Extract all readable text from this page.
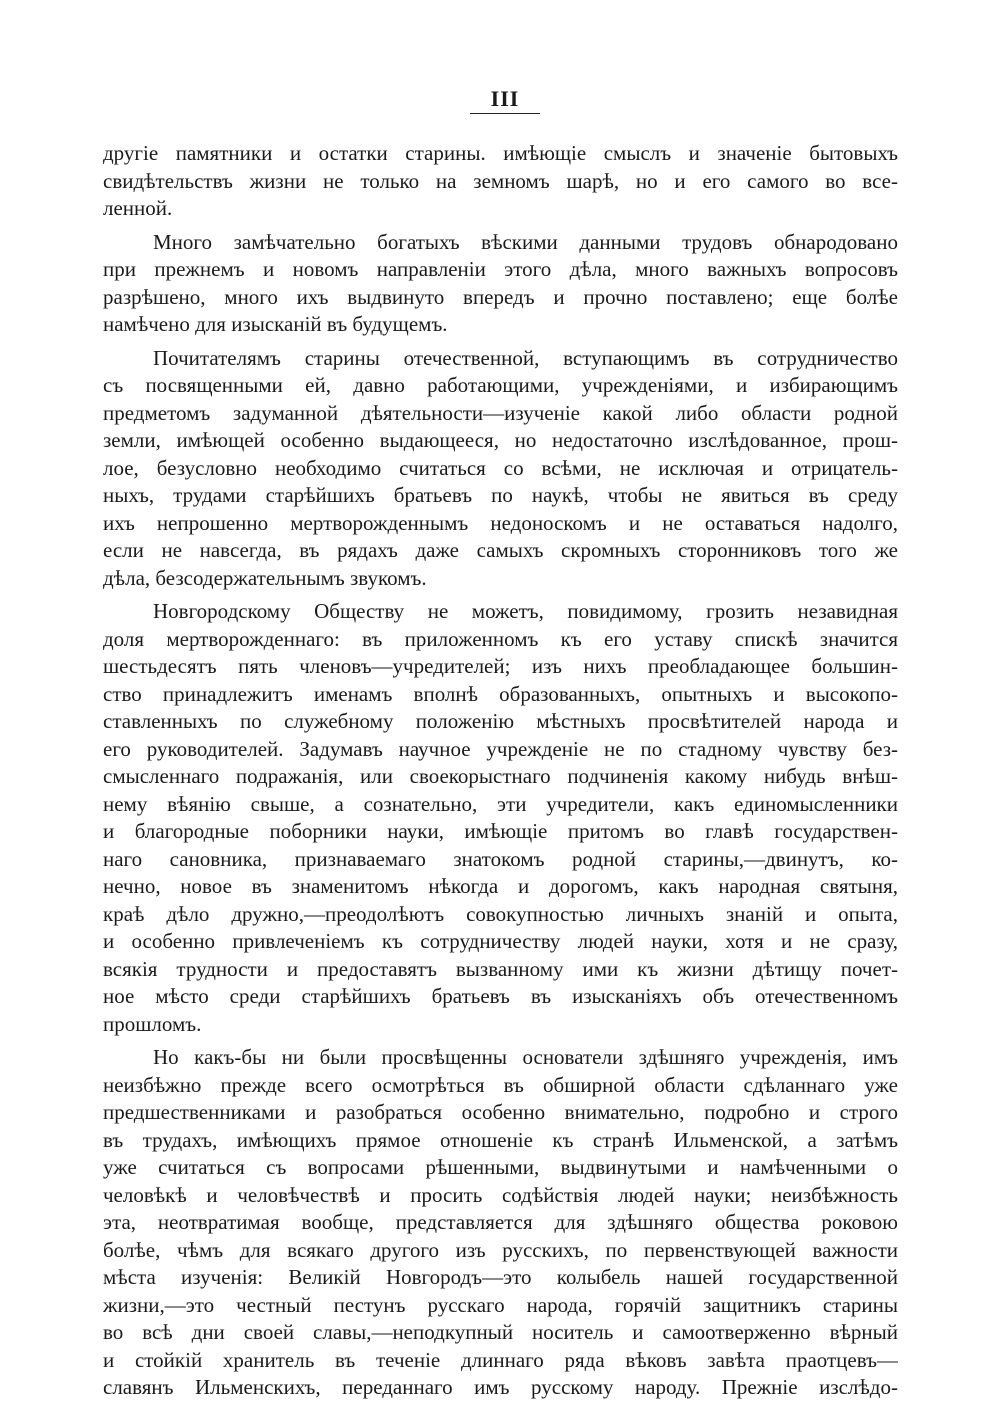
III
другіе памятники и остатки старины. имѣющіе смыслъ и значеніе бытовыхъ
свидѣтельствъ жизни не только на земномъ шарѣ, но и его самого во все-
ленной.
Много замѣчательно богатыхъ вѣскими данными трудовъ обнародовано
при прежнемъ и новомъ направленіи этого дѣла, много важныхъ вопросовъ
разрѣшено, много ихъ выдвинуто впередъ и прочно поставлено; еще болѣе
намѣчено для изысканій въ будущемъ.
Почитателямъ старины отечественной, вступающимъ въ сотрудничество
съ посвященными ей, давно работающими, учрежденіями, и избирающимъ
предметомъ задуманной дѣятельности—изученіе какой либо области родной
земли, имѣющей особенно выдающееся, но недостаточно изслѣдованное, прош-
лое, безусловно необходимо считаться со всѣми, не исключая и отрицатель-
ныхъ, трудами старѣйшихъ братьевъ по наукѣ, чтобы не явиться въ среду
ихъ непрошенно мертворожденнымъ недоноскомъ и не оставаться надолго,
если не навсегда, въ рядахъ даже самыхъ скромныхъ сторонниковъ того же
дѣла, безсодержательнымъ звукомъ.
Новгородскому Обществу не можетъ, повидимому, грозить незавидная
доля мертворожденнаго: въ приложенномъ къ его уставу спискѣ значится
шестьдесятъ пять членовъ—учредителей; изъ нихъ преобладающее большин-
ство принадлежитъ именамъ вполнѣ образованныхъ, опытныхъ и высокопо-
ставленныхъ по служебному положенію мѣстныхъ просвѣтителей народа и
его руководителей. Задумавъ научное учрежденіе не по стадному чувству без-
смысленнаго подражанія, или своекорыстнаго подчиненія какому нибудь внѣш-
нему вѣянію свыше, а сознательно, эти учредители, какъ единомысленники
и благородные поборники науки, имѣющіе притомъ во главѣ государствен-
наго сановника, признаваемаго знатокомъ родной старины,—двинутъ, ко-
нечно, новое въ знаменитомъ нѣкогда и дорогомъ, какъ народная святыня,
краѣ дѣло дружно,—преодолѣютъ совокупностью личныхъ знаній и опыта,
и особенно привлеченіемъ къ сотрудничеству людей науки, хотя и не сразу,
всякія трудности и предоставятъ вызванному ими къ жизни дѣтищу почет-
ное мѣсто среди старѣйшихъ братьевъ въ изысканіяхъ объ отечественномъ
прошломъ.
Но какъ-бы ни были просвѣщенны основатели здѣшняго учрежденія, имъ
неизбѣжно прежде всего осмотрѣться въ обширной области сдѣланнаго уже
предшественниками и разобраться особенно внимательно, подробно и строго
въ трудахъ, имѣющихъ прямое отношеніе къ странѣ Ильменской, а затѣмъ
уже считаться съ вопросами рѣшенными, выдвинутыми и намѣченными о
человѣкѣ и человѣчествѣ и просить содѣйствія людей науки; неизбѣжность
эта, неотвратимая вообще, представляется для здѣшняго общества роковою
болѣе, чѣмъ для всякаго другого изъ русскихъ, по первенствующей важности
мѣста изученія: Великій Новгородъ—это колыбель нашей государственной
жизни,—это честный пестунъ русскаго народа, горячій защитникъ старины
во всѣ дни своей славы,—неподкупный носитель и самоотверженно вѣрный
и стойкій хранитель въ теченіе длиннаго ряда вѣковъ завѣта праотцевъ—
славянъ Ильменскихъ, переданнаго имъ русскому народу. Прежніе изслѣдо-
